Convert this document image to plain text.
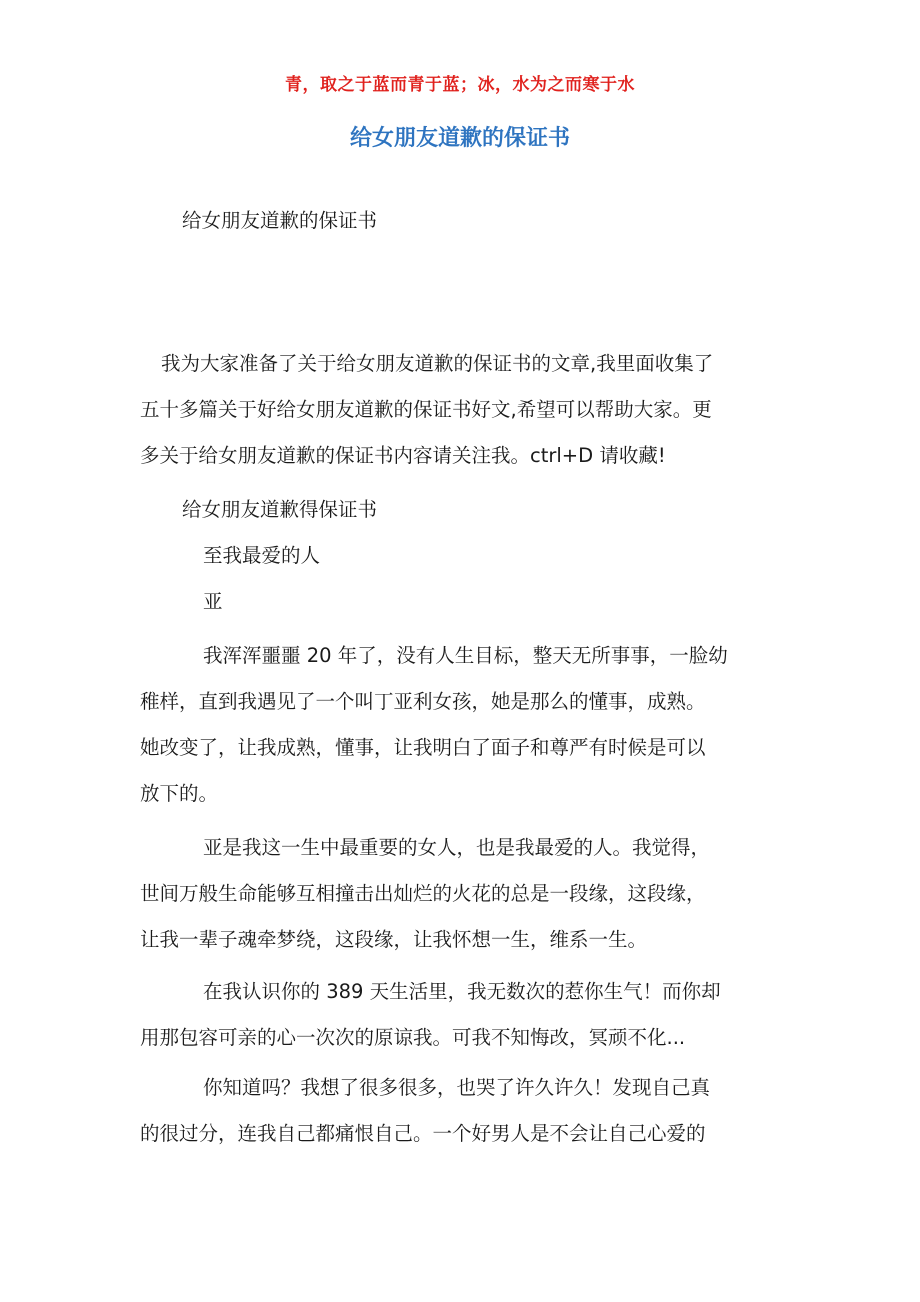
青，取之于蓝而青于蓝；冰，水为之而寒于水
给女朋友道歉的保证书
给女朋友道歉的保证书
我为大家准备了关于给女朋友道歉的保证书的文章,我里面收集了
五十多篇关于好给女朋友道歉的保证书好文,希望可以帮助大家。更
多关于给女朋友道歉的保证书内容请关注我。ctrl+D 请收藏!
给女朋友道歉得保证书
至我最爱的人
亚
我浑浑噩噩 20 年了，没有人生目标，整天无所事事，一脸幼
稚样，直到我遇见了一个叫丁亚利女孩，她是那么的懂事，成熟。
她改变了，让我成熟，懂事，让我明白了面子和尊严有时候是可以
放下的。
亚是我这一生中最重要的女人，也是我最爱的人。我觉得，
世间万般生命能够互相撞击出灿烂的火花的总是一段缘，这段缘，
让我一辈子魂牵梦绕，这段缘，让我怀想一生，维系一生。
在我认识你的 389 天生活里，我无数次的惹你生气！而你却
用那包容可亲的心一次次的原谅我。可我不知悔改，冥顽不化...
你知道吗？我想了很多很多，也哭了许久许久！发现自己真
的很过分，连我自己都痛恨自己。一个好男人是不会让自己心爱的
